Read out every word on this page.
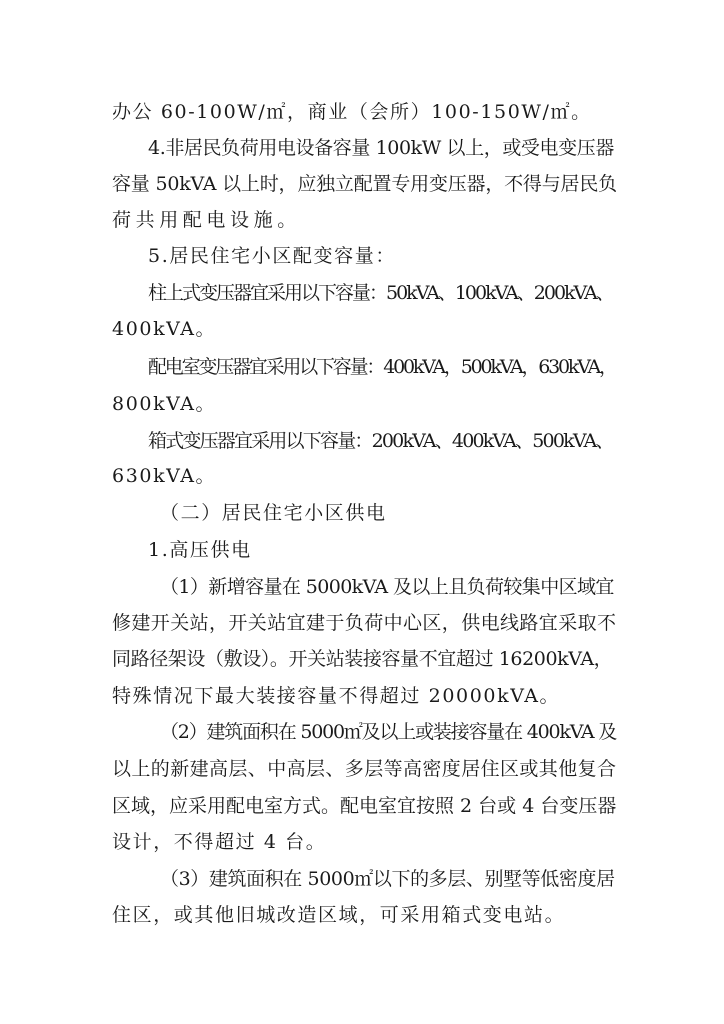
办公 60-100W/㎡，商业（会所）100-150W/㎡。
4.非居民负荷用电设备容量 100kW 以上，或受电变压器
容量 50kVA 以上时，应独立配置专用变压器，不得与居民负
荷共用配电设施。
5.居民住宅小区配变容量：
柱上式变压器宜采用以下容量：50kVA、100kVA、200kVA、
400kVA。
配电室变压器宜采用以下容量：400kVA，500kVA，630kVA，
800kVA。
箱式变压器宜采用以下容量：200kVA、400kVA、500kVA、
630kVA。
（二）居民住宅小区供电
1.高压供电
（1）新增容量在 5000kVA 及以上且负荷较集中区域宜
修建开关站，开关站宜建于负荷中心区，供电线路宜采取不
同路径架设（敷设）。开关站装接容量不宜超过 16200kVA，
特殊情况下最大装接容量不得超过 20000kVA。
（2）建筑面积在 5000㎡及以上或装接容量在 400kVA 及
以上的新建高层、中高层、多层等高密度居住区或其他复合
区域，应采用配电室方式。配电室宜按照 2 台或 4 台变压器
设计，不得超过 4 台。
（3）建筑面积在 5000㎡以下的多层、别墅等低密度居
住区，或其他旧城改造区域，可采用箱式变电站。
